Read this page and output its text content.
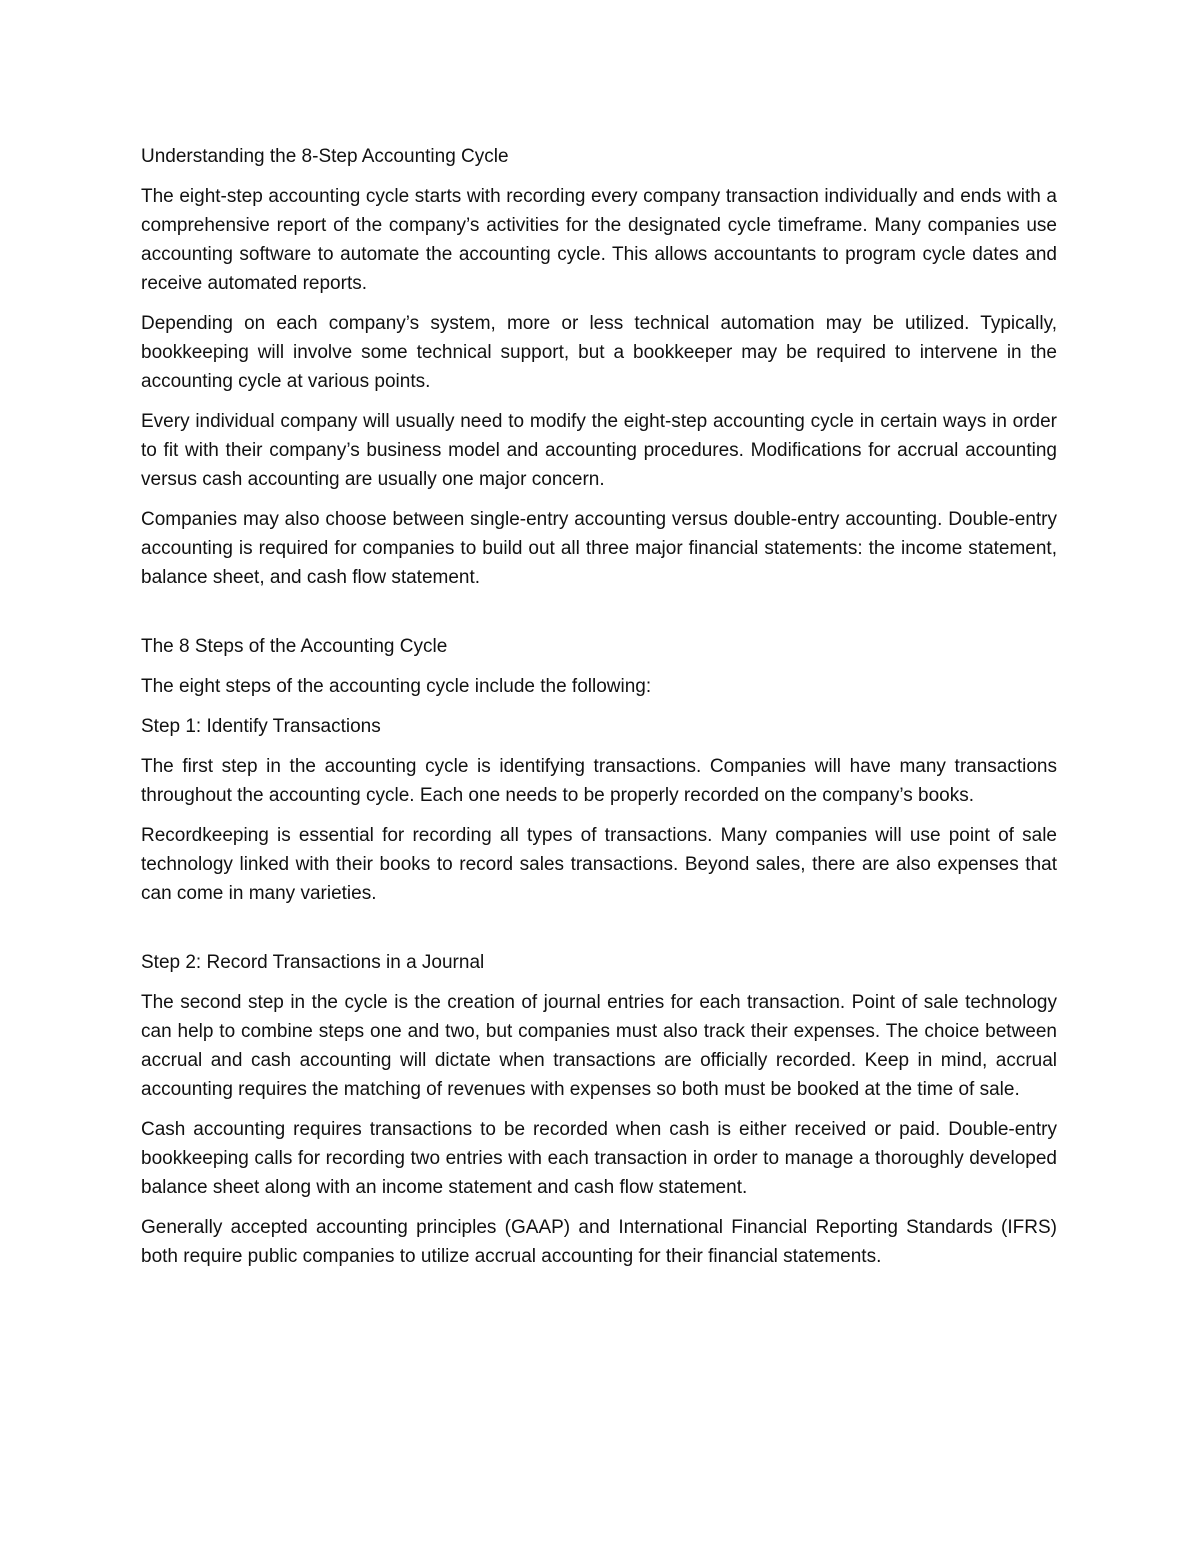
Understanding the 8-Step Accounting Cycle

The eight-step accounting cycle starts with recording every company transaction individually and ends with a comprehensive report of the company’s activities for the designated cycle timeframe. Many companies use accounting software to automate the accounting cycle. This allows accountants to program cycle dates and receive automated reports.

Depending on each company’s system, more or less technical automation may be utilized. Typically, bookkeeping will involve some technical support, but a bookkeeper may be required to intervene in the accounting cycle at various points.

Every individual company will usually need to modify the eight-step accounting cycle in certain ways in order to fit with their company’s business model and accounting procedures. Modifications for accrual accounting versus cash accounting are usually one major concern.

Companies may also choose between single-entry accounting versus double-entry accounting. Double-entry accounting is required for companies to build out all three major financial statements: the income statement, balance sheet, and cash flow statement.

The 8 Steps of the Accounting Cycle

The eight steps of the accounting cycle include the following:

Step 1: Identify Transactions

The first step in the accounting cycle is identifying transactions. Companies will have many transactions throughout the accounting cycle. Each one needs to be properly recorded on the company’s books.

Recordkeeping is essential for recording all types of transactions. Many companies will use point of sale technology linked with their books to record sales transactions. Beyond sales, there are also expenses that can come in many varieties.

Step 2: Record Transactions in a Journal

The second step in the cycle is the creation of journal entries for each transaction. Point of sale technology can help to combine steps one and two, but companies must also track their expenses. The choice between accrual and cash accounting will dictate when transactions are officially recorded. Keep in mind, accrual accounting requires the matching of revenues with expenses so both must be booked at the time of sale.

Cash accounting requires transactions to be recorded when cash is either received or paid. Double-entry bookkeeping calls for recording two entries with each transaction in order to manage a thoroughly developed balance sheet along with an income statement and cash flow statement.

Generally accepted accounting principles (GAAP) and International Financial Reporting Standards (IFRS) both require public companies to utilize accrual accounting for their financial statements.
